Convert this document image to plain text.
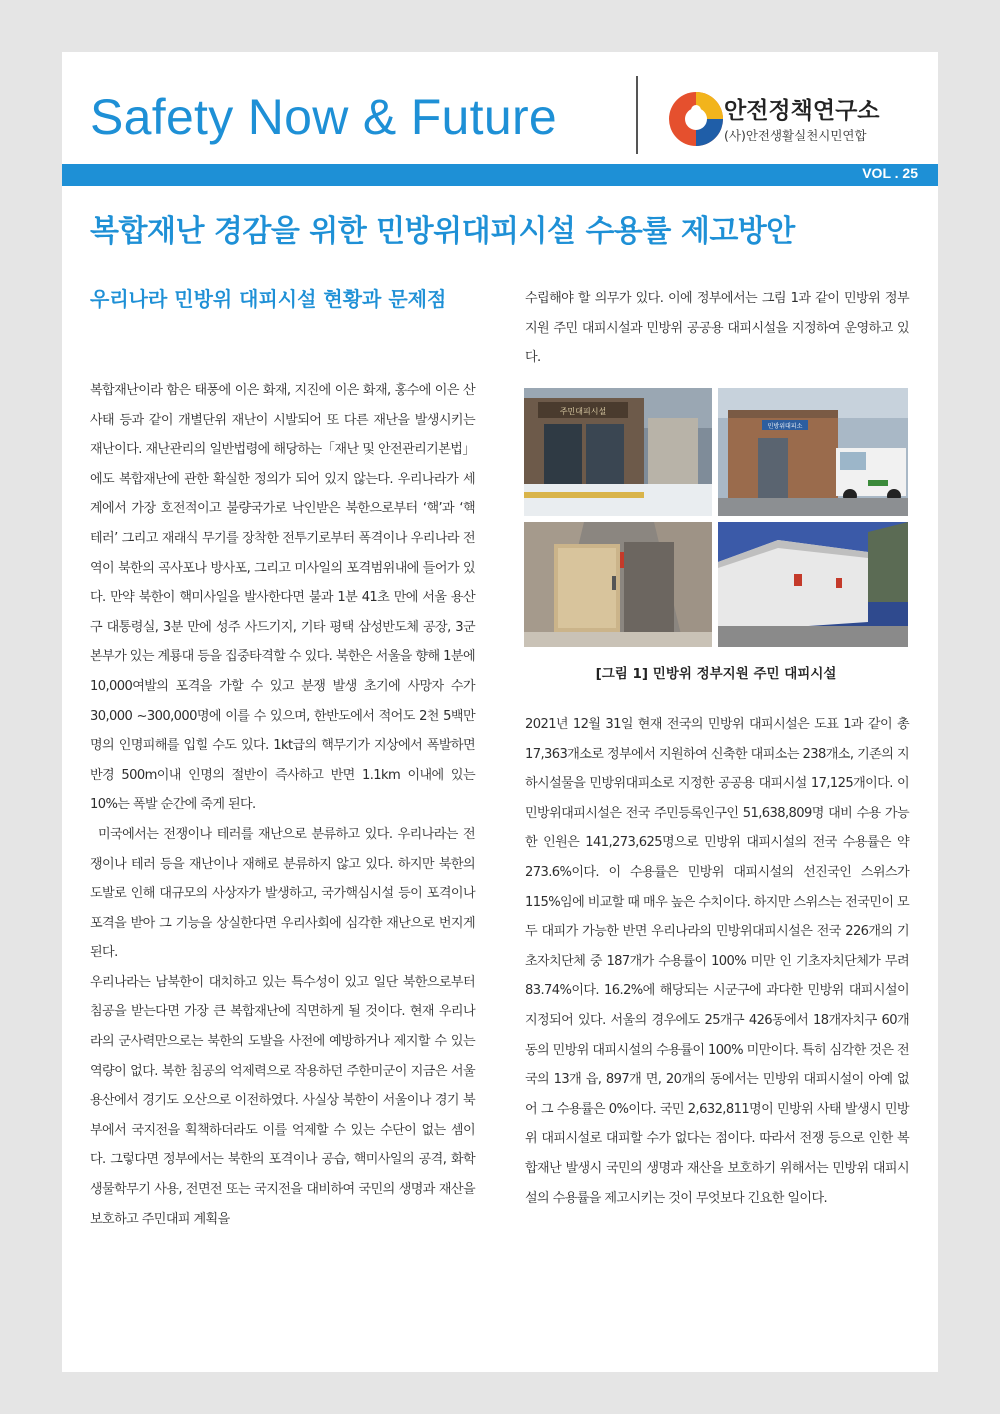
Safety Now & Future	안전정책연구소
(사)안전생활실천시민연합
VOL . 25
복합재난 경감을 위한 민방위대피시설 수용률 제고방안
우리나라 민방위 대피시설 현황과 문제점

복합재난이라 함은 태풍에 이은 화재, 지진에 이은 화재, 홍수에 이은 산사태 등과 같이 개별단위 재난이 시발되어 또 다른 재난을 발생시키는 재난이다. 재난관리의 일반법령에 해당하는「재난 및 안전관리기본법」에도 복합재난에 관한 확실한 정의가 되어 있지 않는다. 우리나라가 세계에서 가장 호전적이고 불량국가로 낙인받은 북한으로부터 ‘핵’과 ‘핵테러’ 그리고 재래식 무기를 장착한 전투기로부터 폭격이나 우리나라 전역이 북한의 곡사포나 방사포, 그리고 미사일의 포격범위내에 들어가 있다. 만약 북한이 핵미사일을 발사한다면 불과 1분 41초 만에 서울 용산구 대통령실, 3분 만에 성주 사드기지, 기타 평택 삼성반도체 공장, 3군 본부가 있는 계룡대 등을 집중타격할 수 있다. 북한은 서울을 향해 1분에 10,000여발의 포격을 가할 수 있고 분쟁 발생 초기에 사망자 수가 30,000 ~300,000명에 이를 수 있으며, 한반도에서 적어도 2천 5백만 명의 인명피해를 입힐 수도 있다. 1kt급의 핵무기가 지상에서 폭발하면 반경 500m이내 인명의 절반이 즉사하고 반면 1.1km 이내에 있는 10%는 폭발 순간에 죽게 된다.

미국에서는 전쟁이나 테러를 재난으로 분류하고 있다. 우리나라는 전쟁이나 테러 등을 재난이나 재해로 분류하지 않고 있다. 하지만 북한의 도발로 인해 대규모의 사상자가 발생하고, 국가핵심시설 등이 포격이나 포격을 받아 그 기능을 상실한다면 우리사회에 심각한 재난으로 번지게 된다.

우리나라는 남북한이 대치하고 있는 특수성이 있고 일단 북한으로부터 침공을 받는다면 가장 큰 복합재난에 직면하게 될 것이다. 현재 우리나라의 군사력만으로는 북한의 도발을 사전에 예방하거나 제지할 수 있는 역량이 없다. 북한 침공의 억제력으로 작용하던 주한미군이 지금은 서울 용산에서 경기도 오산으로 이전하였다. 사실상 북한이 서울이나 경기 북부에서 국지전을 획책하더라도 이를 억제할 수 있는 수단이 없는 셈이다. 그렇다면 정부에서는 북한의 포격이나 공습, 핵미사일의 공격, 화학 생물학무기 사용, 전면전 또는 국지전을 대비하여 국민의 생명과 재산을 보호하고 주민대피 계획을

수립해야 할 의무가 있다. 이에 정부에서는 그림 1과 같이 민방위 정부지원 주민 대피시설과 민방위 공공용 대피시설을 지정하여 운영하고 있다.

주민대피시설
민방위대피소
[그림 1] 민방위 정부지원 주민 대피시설

2021년 12월 31일 현재 전국의 민방위 대피시설은 도표 1과 같이 총 17,363개소로 정부에서 지원하여 신축한 대피소는 238개소, 기존의 지하시설물을 민방위대피소로 지정한 공공용 대피시설 17,125개이다. 이 민방위대피시설은 전국 주민등록인구인 51,638,809명 대비 수용 가능한 인원은 141,273,625명으로 민방위 대피시설의 전국 수용률은 약 273.6%이다. 이 수용률은 민방위 대피시설의 선진국인 스위스가 115%임에 비교할 때 매우 높은 수치이다. 하지만 스위스는 전국민이 모두 대피가 가능한 반면 우리나라의 민방위대피시설은 전국 226개의 기초자치단체 중 187개가 수용률이 100% 미만 인 기초자치단체가 무려 83.74%이다. 16.2%에 해당되는 시군구에 과다한 민방위 대피시설이 지정되어 있다. 서울의 경우에도 25개구 426동에서 18개자치구 60개 동의 민방위 대피시설의 수용률이 100% 미만이다. 특히 심각한 것은 전국의 13개 읍, 897개 면, 20개의 동에서는 민방위 대피시설이 아예 없어 그 수용률은 0%이다. 국민 2,632,811명이 민방위 사태 발생시 민방위 대피시설로 대피할 수가 없다는 점이다. 따라서 전쟁 등으로 인한 복합재난 발생시 국민의 생명과 재산을 보호하기 위해서는 민방위 대피시설의 수용률을 제고시키는 것이 무엇보다 긴요한 일이다.
